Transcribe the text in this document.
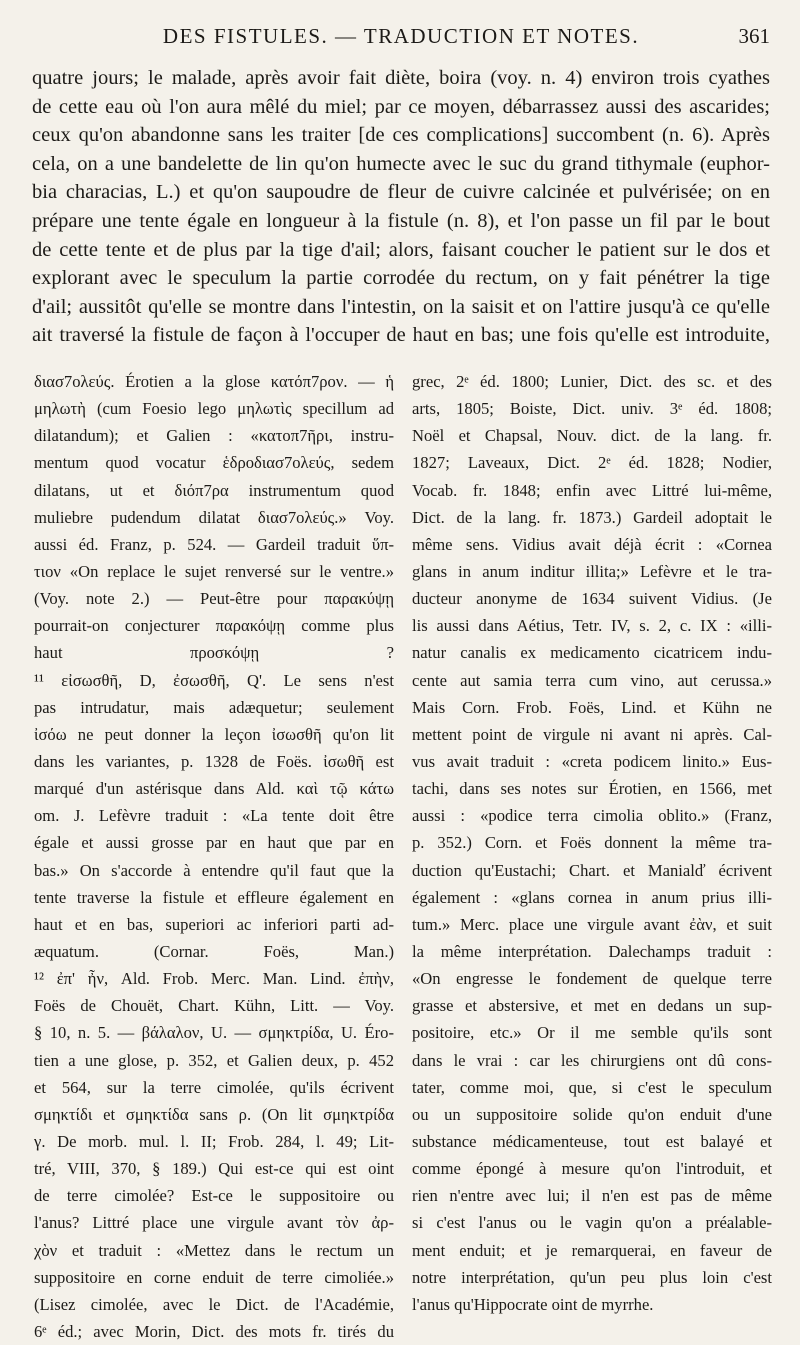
DES FISTULES. — TRADUCTION ET NOTES.	361
quatre jours; le malade, après avoir fait diète, boira (voy. n. 4) environ trois cyathes
de cette eau où l'on aura mêlé du miel; par ce moyen, débarrassez aussi des ascarides;
ceux qu'on abandonne sans les traiter [de ces complications] succombent (n. 6). Après
cela, on a une bandelette de lin qu'on humecte avec le suc du grand tithymale (euphor-
bia characias, L.) et qu'on saupoudre de fleur de cuivre calcinée et pulvérisée; on en
prépare une tente égale en longueur à la fistule (n. 8), et l'on passe un fil par le bout
de cette tente et de plus par la tige d'ail; alors, faisant coucher le patient sur le dos et
explorant avec le speculum la partie corrodée du rectum, on y fait pénétrer la tige
d'ail; aussitôt qu'elle se montre dans l'intestin, on la saisit et on l'attire jusqu'à ce qu'elle
ait traversé la fistule de façon à l'occuper de haut en bas; une fois qu'elle est introduite,
διασ7ολεύς. Érotien a la glose κατόπ7ρον. — ἡ
μηλωτὴ (cum Foesio lego μηλωτὶς specillum ad
dilatandum); et Galien : «κατοπ7ῆρι, instru-
mentum quod vocatur ἑδροδιασ7ολεύς, sedem
dilatans, ut et διόπ7ρα instrumentum quod
muliebre pudendum dilatat διασ7ολεύς.» Voy.
aussi éd. Franz, p. 524. — Gardeil traduit ὕπ-
τιον «On replace le sujet renversé sur le ventre.»
(Voy. note 2.) — Peut-être pour παρακύψῃ
pourrait-on conjecturer παρακόψῃ comme plus
haut προσκόψῃ ?
¹¹ εἰσωσθῆ, D, ἐσωσθῆ, Q'. Le sens n'est
pas intrudatur, mais adæquetur; seulement
ἰσόω ne peut donner la leçon ἰσωσθῆ qu'on lit
dans les variantes, p. 1328 de Foës. ἰσωθῆ est
marqué d'un astérisque dans Ald. καὶ τῷ κάτω
om. J. Lefèvre traduit : «La tente doit être
égale et aussi grosse par en haut que par en
bas.» On s'accorde à entendre qu'il faut que la
tente traverse la fistule et effleure également en
haut et en bas, superiori ac inferiori parti ad-
æquatum. (Cornar. Foës, Man.)
¹² ἐπ' ἦν, Ald. Frob. Merc. Man. Lind. ἐπὴν,
Foës de Chouët, Chart. Kühn, Litt. — Voy.
§ 10, n. 5. — βάλαλον, U. — σμηκτρίδα, U. Éro-
tien a une glose, p. 352, et Galien deux, p. 452
et 564, sur la terre cimolée, qu'ils écrivent
σμηκτίδι et σμηκτίδα sans ρ. (On lit σμηκτρίδα
γ. De morb. mul. l. II; Frob. 284, l. 49; Lit-
tré, VIII, 370, § 189.) Qui est-ce qui est oint
de terre cimolée? Est-ce le suppositoire ou
l'anus? Littré place une virgule avant τὸν ἀρ-
χὸν et traduit : «Mettez dans le rectum un
suppositoire en corne enduit de terre cimoliée.»
(Lisez cimolée, avec le Dict. de l'Académie,
6ᵉ éd.; avec Morin, Dict. des mots fr. tirés du
grec, 2ᵉ éd. 1800; Lunier, Dict. des sc. et des
arts, 1805; Boiste, Dict. univ. 3ᵉ éd. 1808;
Noël et Chapsal, Nouv. dict. de la lang. fr.
1827; Laveaux, Dict. 2ᵉ éd. 1828; Nodier,
Vocab. fr. 1848; enfin avec Littré lui-même,
Dict. de la lang. fr. 1873.) Gardeil adoptait le
même sens. Vidius avait déjà écrit : «Cornea
glans in anum inditur illita;» Lefèvre et le tra-
ducteur anonyme de 1634 suivent Vidius. (Je
lis aussi dans Aétius, Tetr. IV, s. 2, c. IX : «illi-
natur canalis ex medicamento cicatricem indu-
cente aut samia terra cum vino, aut cerussa.»
Mais Corn. Frob. Foës, Lind. et Kühn ne
mettent point de virgule ni avant ni après. Cal-
vus avait traduit : «creta podicem linito.» Eus-
tachi, dans ses notes sur Érotien, en 1566, met
aussi : «podice terra cimolia oblito.» (Franz,
p. 352.) Corn. et Foës donnent la même tra-
duction qu'Eustachi; Chart. et Manialď écrivent
également : «glans cornea in anum prius illi-
tum.» Merc. place une virgule avant ἐὰν, et suit
la même interprétation. Dalechamps traduit :
«On engresse le fondement de quelque terre
grasse et abstersive, et met en dedans un sup-
positoire, etc.» Or il me semble qu'ils sont
dans le vrai : car les chirurgiens ont dû cons-
tater, comme moi, que, si c'est le speculum
ou un suppositoire solide qu'on enduit d'une
substance médicamenteuse, tout est balayé et
comme épongé à mesure qu'on l'introduit, et
rien n'entre avec lui; il n'en est pas de même
si c'est l'anus ou le vagin qu'on a préalable-
ment enduit; et je remarquerai, en faveur de
notre interprétation, qu'un peu plus loin c'est
l'anus qu'Hippocrate oint de myrrhe.
